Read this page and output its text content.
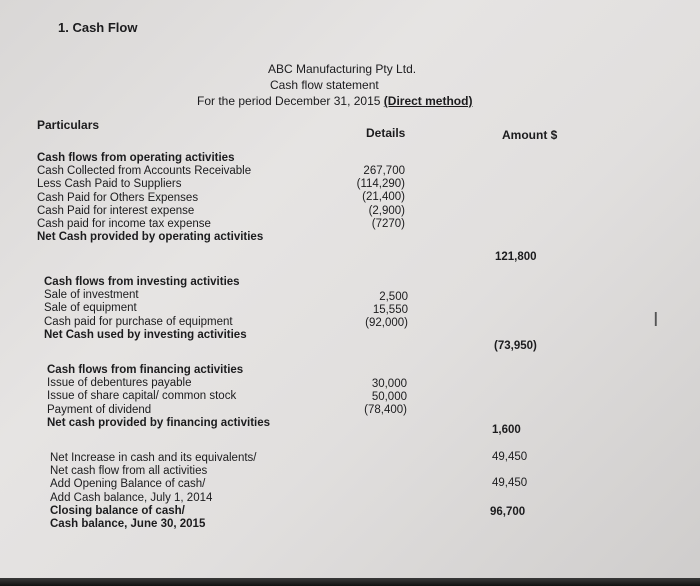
1. Cash Flow
ABC Manufacturing Pty Ltd.
Cash flow statement
For the period December 31, 2015 (Direct method)
Particulars
Details	Amount $
Cash flows from operating activities
Cash Collected from Accounts Receivable
Less Cash Paid to Suppliers
Cash Paid for Others Expenses
Cash Paid for interest expense
Cash paid for income tax expense
Net Cash provided by operating activities
267,700
(114,290)
(21,400)
(2,900)
(7270)
121,800
Cash flows from investing activities
Sale of investment
Sale of equipment
Cash paid for purchase of equipment
Net Cash used by investing activities
2,500
15,550
(92,000)
(73,950)
Cash flows from financing activities
Issue of debentures payable
Issue of share capital/ common stock
Payment of dividend
Net cash provided by financing activities
30,000
50,000
(78,400)
1,600
Net Increase in cash and its equivalents/
Net cash flow from all activities
Add Opening Balance of cash/
Add Cash balance, July 1, 2014
Closing balance of cash/
Cash balance, June 30, 2015
49,450
49,450
96,700
I
